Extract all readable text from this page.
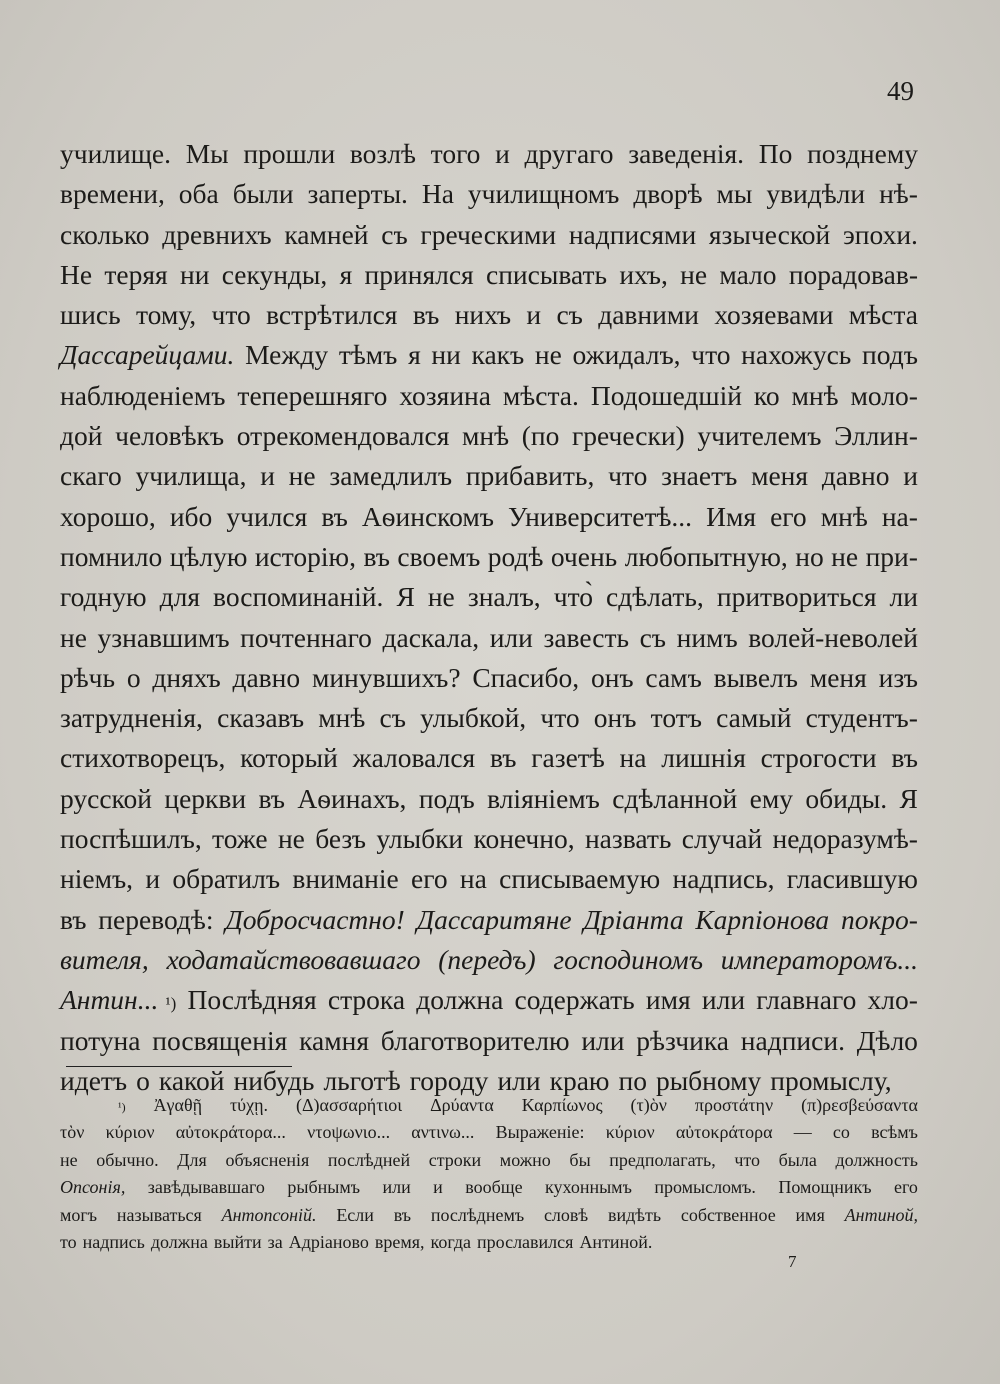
49
училище. Мы прошли возлѣ того и другаго заведенія. По позднему
времени, оба были заперты. На училищномъ дворѣ мы увидѣли нѣ-
сколько древнихъ камней съ греческими надписями языческой эпохи.
Не теряя ни секунды, я принялся списывать ихъ, не мало порадовав-
шись тому, что встрѣтился въ нихъ и съ давними хозяевами мѣста
Дассарейцами. Между тѣмъ я ни какъ не ожидалъ, что нахожусь подъ
наблюденіемъ теперешняго хозяина мѣста. Подошедшій ко мнѣ моло-
дой человѣкъ отрекомендовался мнѣ (по гречески) учителемъ Эллин-
скаго училища, и не замедлилъ прибавить, что знаетъ меня давно и
хорошо, ибо учился въ Аѳинскомъ Университетѣ... Имя его мнѣ на-
помнило цѣлую исторію, въ своемъ родѣ очень любопытную, но не при-
годную для воспоминаній. Я не зналъ, что̀ сдѣлать, притвориться ли
не узнавшимъ почтеннаго даскала, или завесть съ нимъ волей-неволей
рѣчь о дняхъ давно минувшихъ? Спасибо, онъ самъ вывелъ меня изъ
затрудненія, сказавъ мнѣ съ улыбкой, что онъ тотъ самый студентъ-
стихотворецъ, который жаловался въ газетѣ на лишнія строгости въ
русской церкви въ Аѳинахъ, подъ вліяніемъ сдѣланной ему обиды. Я
поспѣшилъ, тоже не безъ улыбки конечно, назвать случай недоразумѣ-
ніемъ, и обратилъ вниманіе его на списываемую надпись, гласившую
въ переводѣ: Добросчастно! Дассаритяне Дріанта Карпіонова покро-
вителя, ходатайствовавшаго (передъ) господиномъ императоромъ...
Антин... ¹) Послѣдняя строка должна содержать имя или главнаго хло-
потуна посвященія камня благотворителю или рѣзчика надписи. Дѣло
идетъ о какой нибудь льготѣ городу или краю по рыбному промыслу,
¹) Ἀγαθῇ τύχῃ. (Δ)ασσαρήτιοι Δρύαντα Καρπίωνος (τ)ὸν προστάτην (π)ρεσβεύσαντα
τὸν κύριον αὐτοκράτορα... ντοψωνιο... αντινω... Выраженіе: κύριον αὐτοκράτορα — со всѣмъ
не обычно. Для объясненія послѣдней строки можно бы предполагать, что была должность
Опсонія, завѣдывавшаго рыбнымъ или и вообще кухоннымъ промысломъ. Помощникъ его
могъ называться Антопсоній. Если въ послѣднемъ словѣ видѣть собственное имя Антиной,
то надпись должна выйти за Адріаново время, когда прославился Антиной.
7
